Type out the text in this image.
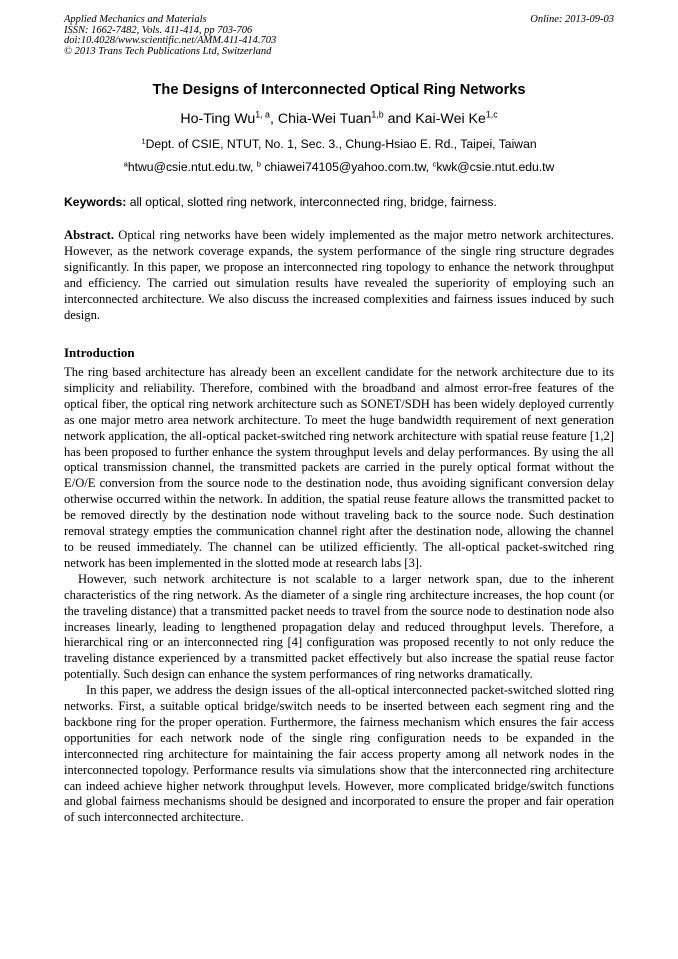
Applied Mechanics and Materials
ISSN: 1662-7482, Vols. 411-414, pp 703-706
doi:10.4028/www.scientific.net/AMM.411-414.703
© 2013 Trans Tech Publications Ltd, Switzerland
Online: 2013-09-03
The Designs of Interconnected Optical Ring Networks
Ho-Ting Wu$^{1, a}$, Chia-Wei Tuan$^{1,b}$ and Kai-Wei Ke$^{1,c}$
$^1$Dept. of CSIE, NTUT, No. 1, Sec. 3., Chung-Hsiao E. Rd., Taipei, Taiwan
$^a$htwu@csie.ntut.edu.tw, $^b$ chiawei74105@yahoo.com.tw, $^c$kwk@csie.ntut.edu.tw
Keywords: all optical, slotted ring network, interconnected ring, bridge, fairness.
Abstract. Optical ring networks have been widely implemented as the major metro network architectures. However, as the network coverage expands, the system performance of the single ring structure degrades significantly. In this paper, we propose an interconnected ring topology to enhance the network throughput and efficiency. The carried out simulation results have revealed the superiority of employing such an interconnected architecture. We also discuss the increased complexities and fairness issues induced by such design.
Introduction

The ring based architecture has already been an excellent candidate for the network architecture due to its simplicity and reliability. Therefore, combined with the broadband and almost error-free features of the optical fiber, the optical ring network architecture such as SONET/SDH has been widely deployed currently as one major metro area network architecture. To meet the huge bandwidth requirement of next generation network application, the all-optical packet-switched ring network architecture with spatial reuse feature [1,2] has been proposed to further enhance the system throughput levels and delay performances. By using the all optical transmission channel, the transmitted packets are carried in the purely optical format without the E/O/E conversion from the source node to the destination node, thus avoiding significant conversion delay otherwise occurred within the network. In addition, the spatial reuse feature allows the transmitted packet to be removed directly by the destination node without traveling back to the source node. Such destination removal strategy empties the communication channel right after the destination node, allowing the channel to be reused immediately. The channel can be utilized efficiently. The all-optical packet-switched ring network has been implemented in the slotted mode at research labs [3].

However, such network architecture is not scalable to a larger network span, due to the inherent characteristics of the ring network. As the diameter of a single ring architecture increases, the hop count (or the traveling distance) that a transmitted packet needs to travel from the source node to destination node also increases linearly, leading to lengthened propagation delay and reduced throughput levels. Therefore, a hierarchical ring or an interconnected ring [4] configuration was proposed recently to not only reduce the traveling distance experienced by a transmitted packet effectively but also increase the spatial reuse factor potentially. Such design can enhance the system performances of ring networks dramatically.

In this paper, we address the design issues of the all-optical interconnected packet-switched slotted ring networks. First, a suitable optical bridge/switch needs to be inserted between each segment ring and the backbone ring for the proper operation. Furthermore, the fairness mechanism which ensures the fair access opportunities for each network node of the single ring configuration needs to be expanded in the interconnected ring architecture for maintaining the fair access property among all network nodes in the interconnected topology. Performance results via simulations show that the interconnected ring architecture can indeed achieve higher network throughput levels. However, more complicated bridge/switch functions and global fairness mechanisms should be designed and incorporated to ensure the proper and fair operation of such interconnected architecture.
